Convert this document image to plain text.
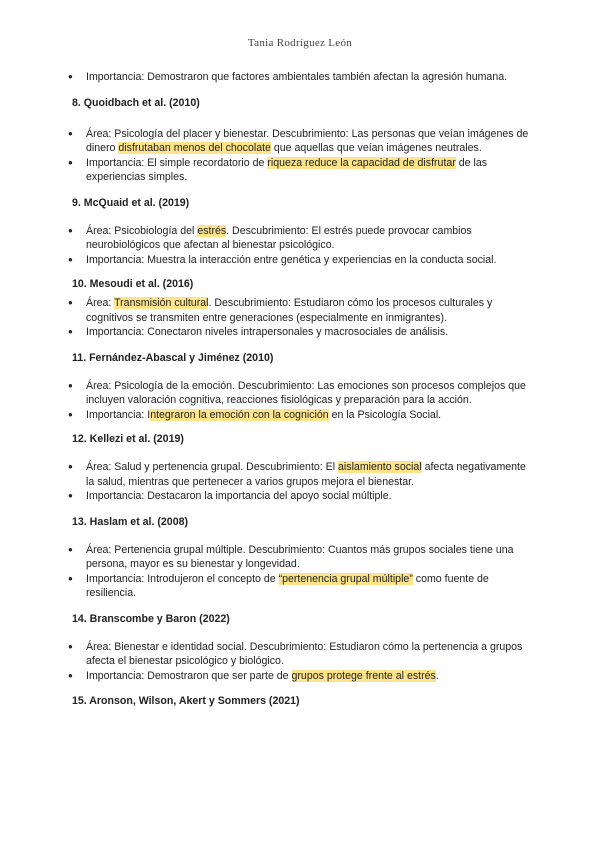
Tania Rodríguez León
● Importancia: Demostraron que factores ambientales también afectan la agresión humana.
8. Quoidbach et al. (2010)
● Área: Psicología del placer y bienestar. Descubrimiento: Las personas que veían imágenes de dinero disfrutaban menos del chocolate que aquellas que veían imágenes neutrales.
● Importancia: El simple recordatorio de riqueza reduce la capacidad de disfrutar de las experiencias simples.
9. McQuaid et al. (2019)
● Área: Psicobiología del estrés. Descubrimiento: El estrés puede provocar cambios neurobiológicos que afectan al bienestar psicológico.
● Importancia: Muestra la interacción entre genética y experiencias en la conducta social.
10. Mesoudi et al. (2016)
● Área: Transmisión cultural. Descubrimiento: Estudiaron cómo los procesos culturales y cognitivos se transmiten entre generaciones (especialmente en inmigrantes).
● Importancia: Conectaron niveles intrapersonales y macrosociales de análisis.
11. Fernández-Abascal y Jiménez (2010)
● Área: Psicología de la emoción. Descubrimiento: Las emociones son procesos complejos que incluyen valoración cognitiva, reacciones fisiológicas y preparación para la acción.
● Importancia: Integraron la emoción con la cognición en la Psicología Social.
12. Kellezi et al. (2019)
● Área: Salud y pertenencia grupal. Descubrimiento: El aislamiento social afecta negativamente la salud, mientras que pertenecer a varios grupos mejora el bienestar.
● Importancia: Destacaron la importancia del apoyo social múltiple.
13. Haslam et al. (2008)
● Área: Pertenencia grupal múltiple. Descubrimiento: Cuantos más grupos sociales tiene una persona, mayor es su bienestar y longevidad.
● Importancia: Introdujeron el concepto de “pertenencia grupal múltiple” como fuente de resiliencia.
14. Branscombe y Baron (2022)
● Área: Bienestar e identidad social. Descubrimiento: Estudiaron cómo la pertenencia a grupos afecta el bienestar psicológico y biológico.
● Importancia: Demostraron que ser parte de grupos protege frente al estrés.
15. Aronson, Wilson, Akert y Sommers (2021)
